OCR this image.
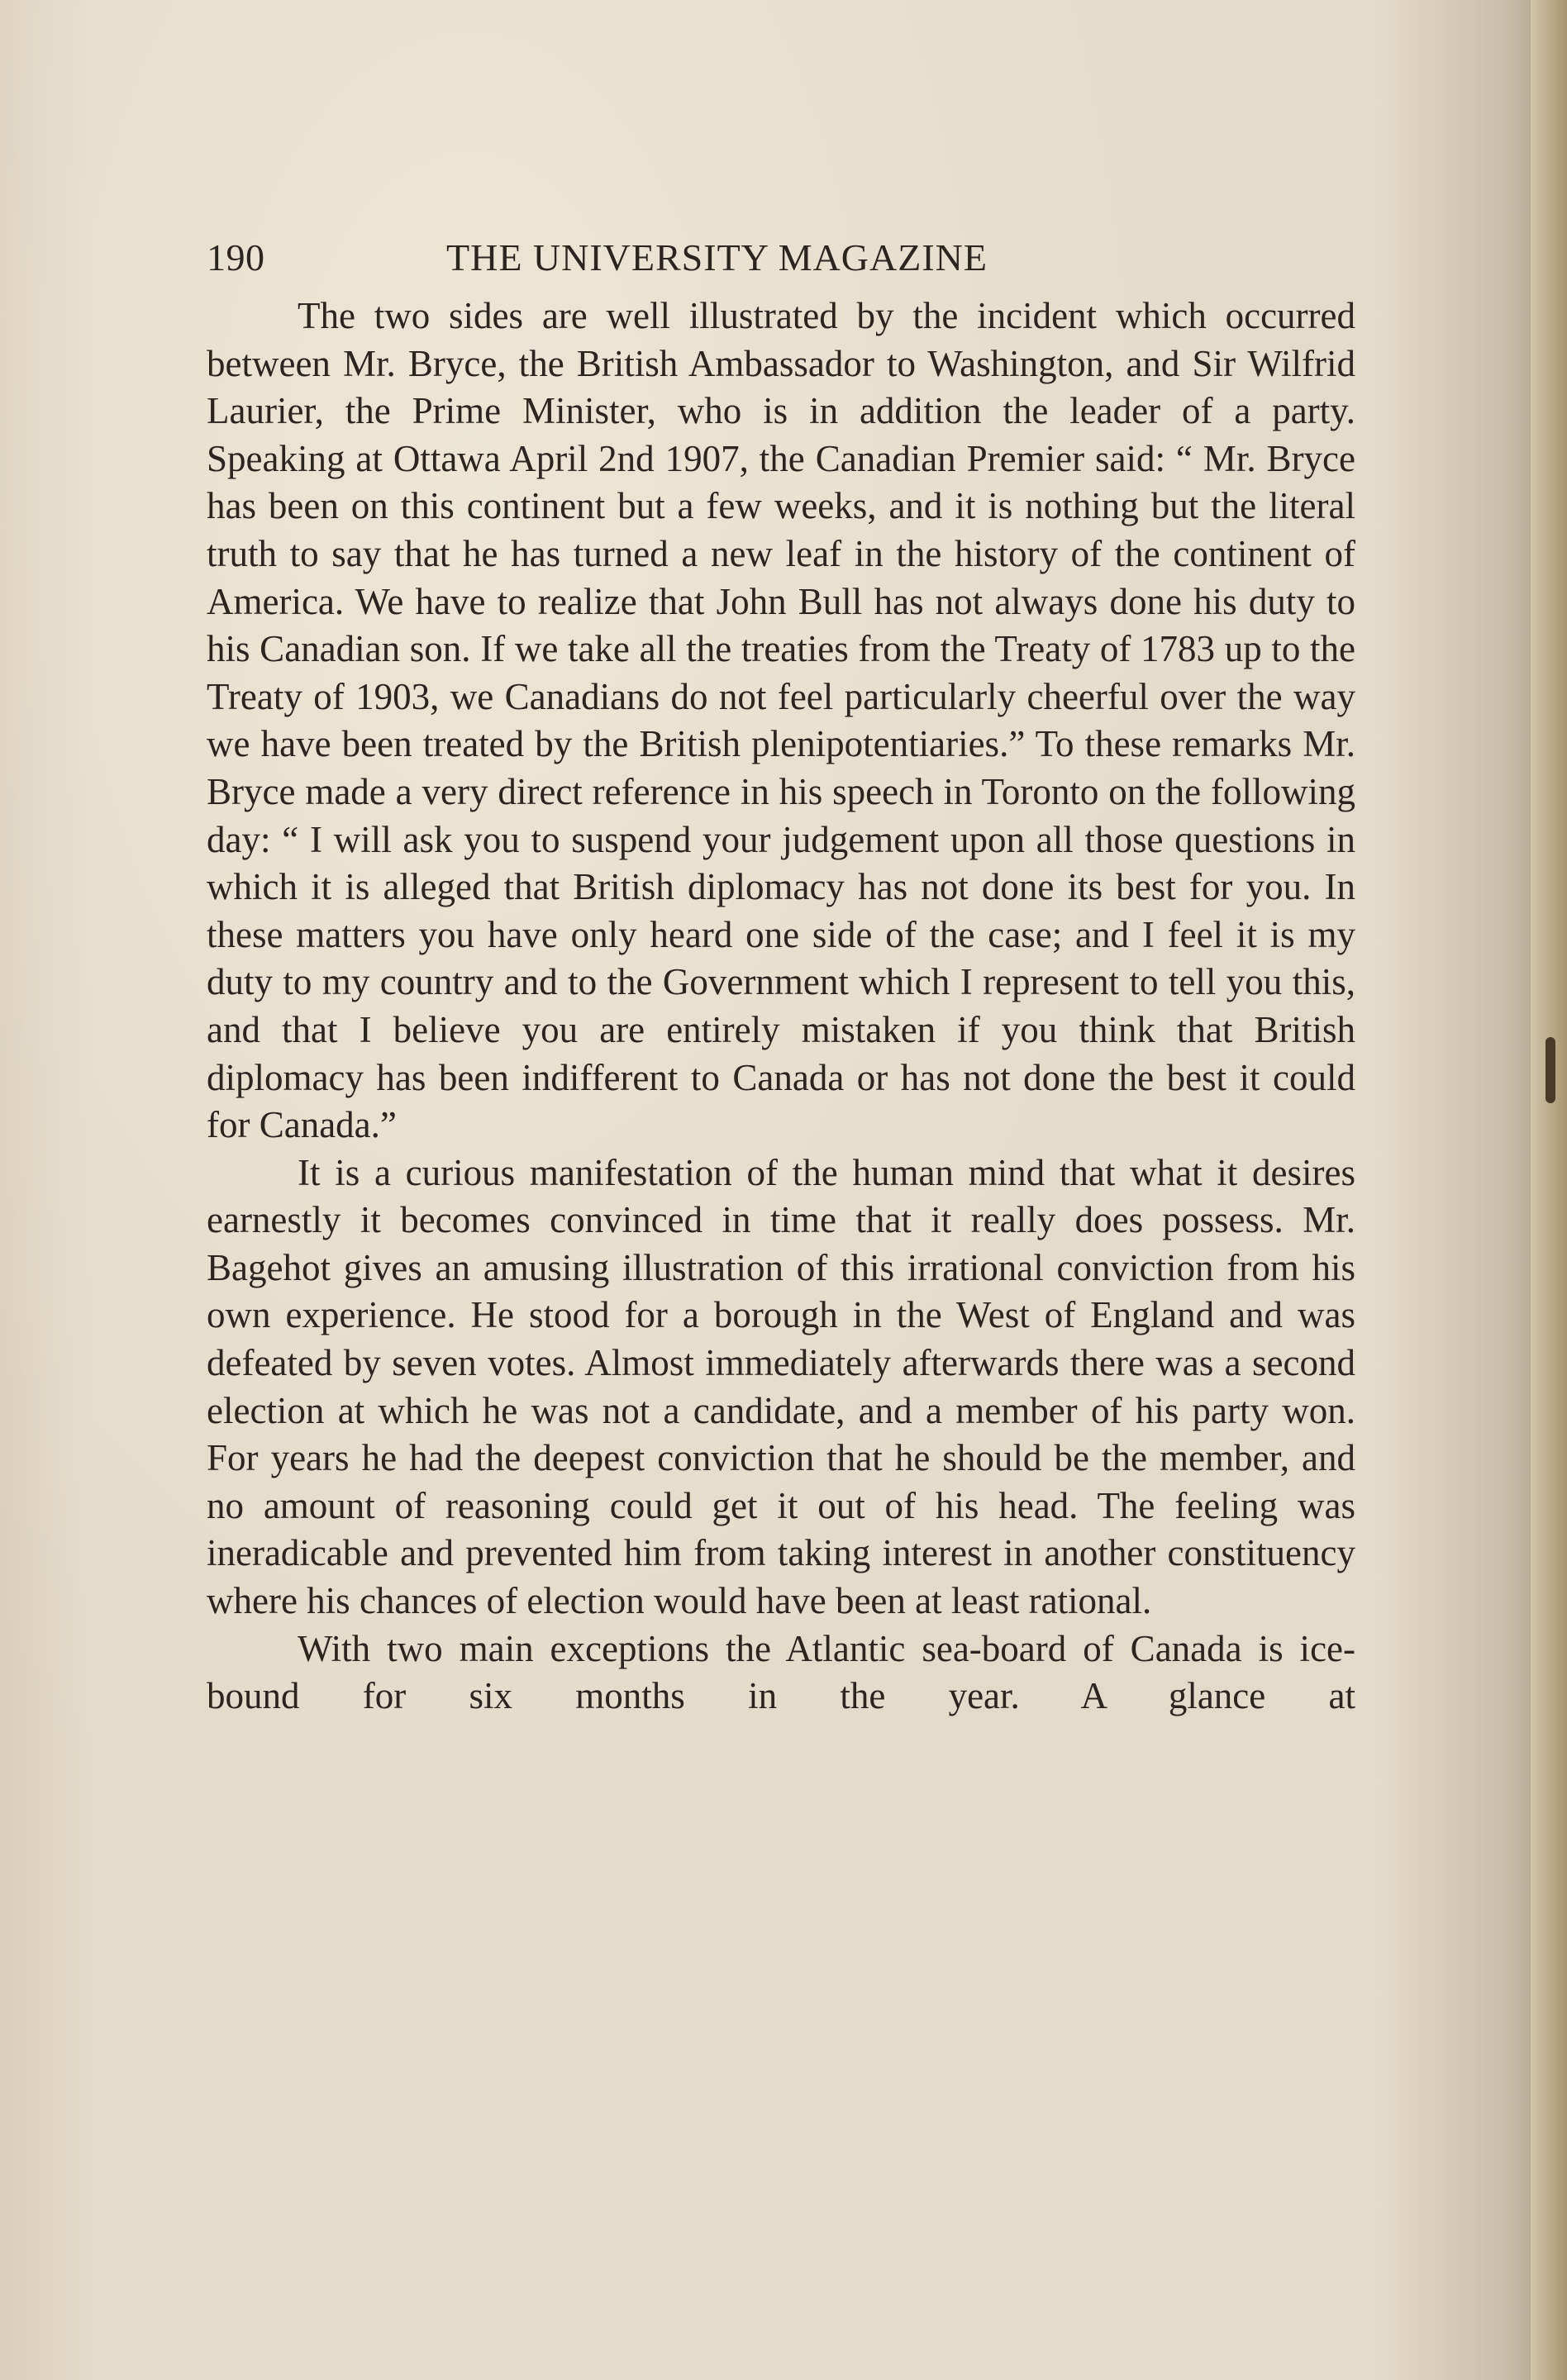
190	THE UNIVERSITY MAGAZINE

The two sides are well illustrated by the incident which occurred between Mr. Bryce, the British Ambassador to Washington, and Sir Wilfrid Laurier, the Prime Minister, who is in addition the leader of a party. Speaking at Ottawa April 2nd 1907, the Canadian Premier said: “ Mr. Bryce has been on this continent but a few weeks, and it is nothing but the literal truth to say that he has turned a new leaf in the history of the continent of America. We have to realize that John Bull has not always done his duty to his Canadian son. If we take all the treaties from the Treaty of 1783 up to the Treaty of 1903, we Canadians do not feel particularly cheerful over the way we have been treated by the British plenipotentiaries.” To these remarks Mr. Bryce made a very direct reference in his speech in Toronto on the following day: “ I will ask you to suspend your judgement upon all those questions in which it is alleged that British diplomacy has not done its best for you. In these matters you have only heard one side of the case; and I feel it is my duty to my country and to the Government which I represent to tell you this, and that I believe you are entirely mistaken if you think that British diplomacy has been indifferent to Canada or has not done the best it could for Canada.”

It is a curious manifestation of the human mind that what it desires earnestly it becomes convinced in time that it really does possess. Mr. Bagehot gives an amusing illustration of this irrational conviction from his own experience. He stood for a borough in the West of England and was defeated by seven votes. Almost immediately afterwards there was a second election at which he was not a candidate, and a member of his party won. For years he had the deepest conviction that he should be the member, and no amount of reasoning could get it out of his head. The feeling was ineradicable and prevented him from taking interest in another constituency where his chances of election would have been at least rational.

With two main exceptions the Atlantic sea-board of Canada is ice-bound for six months in the year. A glance at
